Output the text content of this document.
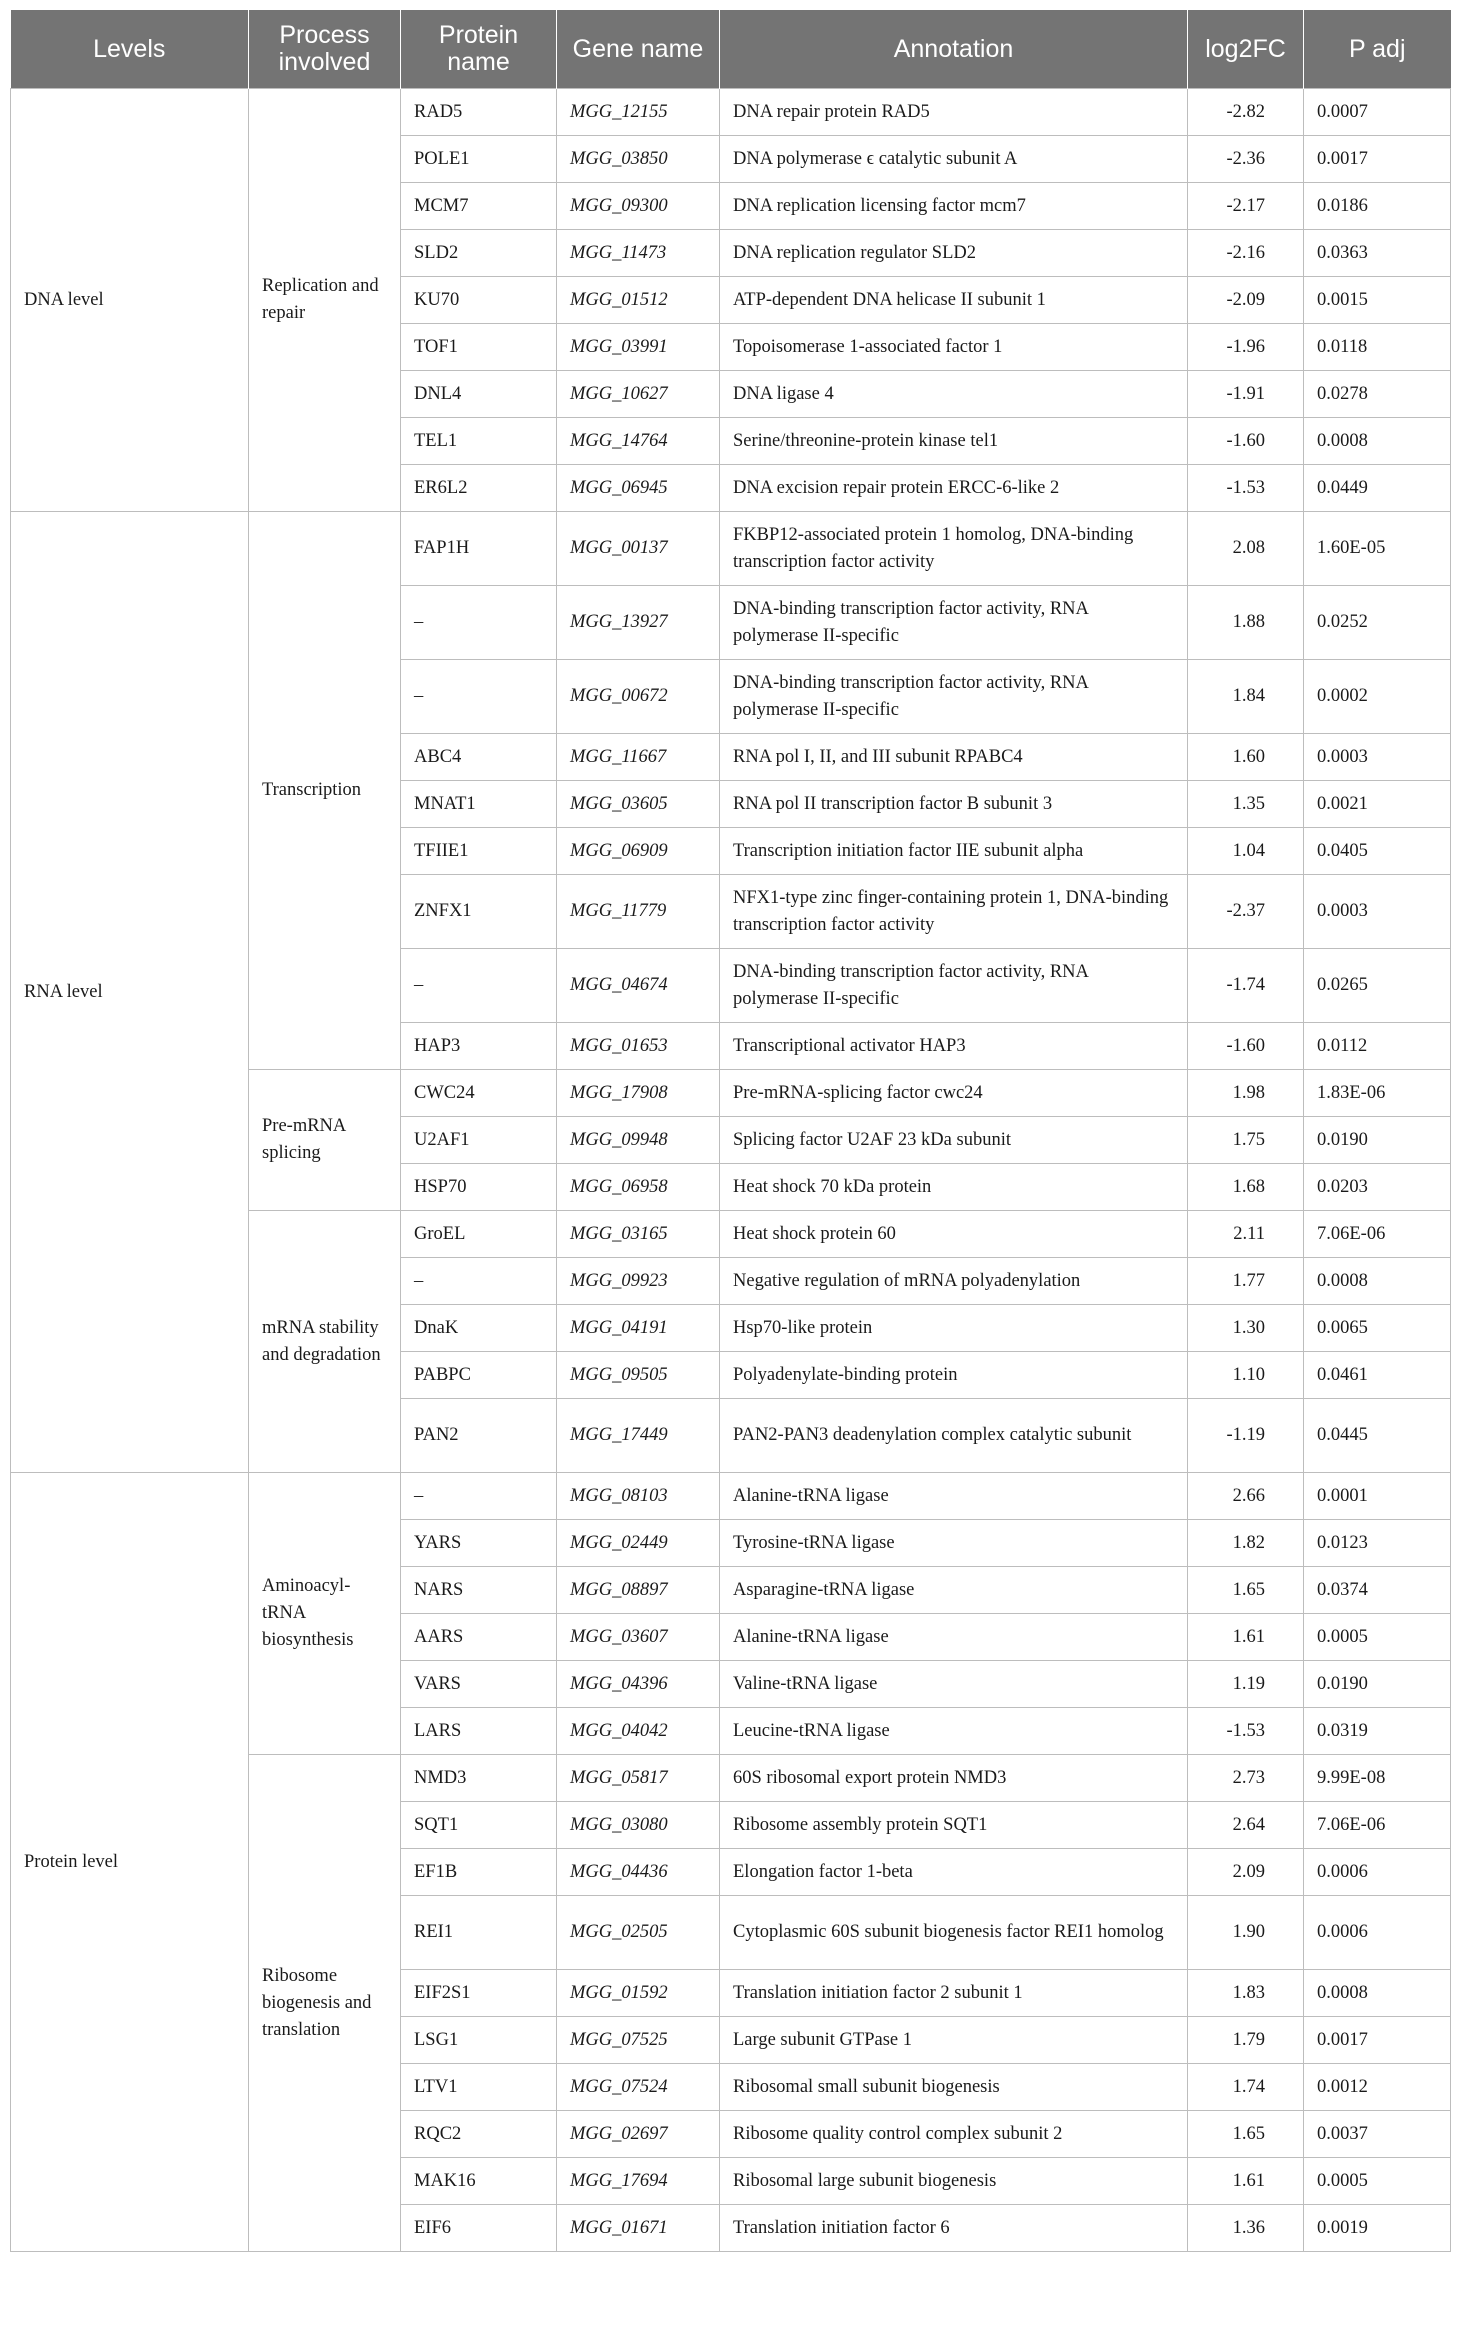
Levels	Process involved	Protein name	Gene name	Annotation	log2FC	P adj
DNA level	Replication and repair	RAD5	MGG_12155	DNA repair protein RAD5	-2.82	0.0007
		POLE1	MGG_03850	DNA polymerase ϵ catalytic subunit A	-2.36	0.0017
		MCM7	MGG_09300	DNA replication licensing factor mcm7	-2.17	0.0186
		SLD2	MGG_11473	DNA replication regulator SLD2	-2.16	0.0363
		KU70	MGG_01512	ATP-dependent DNA helicase II subunit 1	-2.09	0.0015
		TOF1	MGG_03991	Topoisomerase 1-associated factor 1	-1.96	0.0118
		DNL4	MGG_10627	DNA ligase 4	-1.91	0.0278
		TEL1	MGG_14764	Serine/threonine-protein kinase tel1	-1.60	0.0008
		ER6L2	MGG_06945	DNA excision repair protein ERCC-6-like 2	-1.53	0.0449
RNA level	Transcription	FAP1H	MGG_00137	FKBP12-associated protein 1 homolog, DNA-binding transcription factor activity	2.08	1.60E-05
		–	MGG_13927	DNA-binding transcription factor activity, RNA polymerase II-specific	1.88	0.0252
		–	MGG_00672	DNA-binding transcription factor activity, RNA polymerase II-specific	1.84	0.0002
		ABC4	MGG_11667	RNA pol I, II, and III subunit RPABC4	1.60	0.0003
		MNAT1	MGG_03605	RNA pol II transcription factor B subunit 3	1.35	0.0021
		TFIIE1	MGG_06909	Transcription initiation factor IIE subunit alpha	1.04	0.0405
		ZNFX1	MGG_11779	NFX1-type zinc finger-containing protein 1, DNA-binding transcription factor activity	-2.37	0.0003
		–	MGG_04674	DNA-binding transcription factor activity, RNA polymerase II-specific	-1.74	0.0265
		HAP3	MGG_01653	Transcriptional activator HAP3	-1.60	0.0112
	Pre-mRNA splicing	CWC24	MGG_17908	Pre-mRNA-splicing factor cwc24	1.98	1.83E-06
		U2AF1	MGG_09948	Splicing factor U2AF 23 kDa subunit	1.75	0.0190
		HSP70	MGG_06958	Heat shock 70 kDa protein	1.68	0.0203
	mRNA stability and degradation	GroEL	MGG_03165	Heat shock protein 60	2.11	7.06E-06
		–	MGG_09923	Negative regulation of mRNA polyadenylation	1.77	0.0008
		DnaK	MGG_04191	Hsp70-like protein	1.30	0.0065
		PABPC	MGG_09505	Polyadenylate-binding protein	1.10	0.0461
		PAN2	MGG_17449	PAN2-PAN3 deadenylation complex catalytic subunit	-1.19	0.0445
Protein level	Aminoacyl-tRNA biosynthesis	–	MGG_08103	Alanine-tRNA ligase	2.66	0.0001
		YARS	MGG_02449	Tyrosine-tRNA ligase	1.82	0.0123
		NARS	MGG_08897	Asparagine-tRNA ligase	1.65	0.0374
		AARS	MGG_03607	Alanine-tRNA ligase	1.61	0.0005
		VARS	MGG_04396	Valine-tRNA ligase	1.19	0.0190
		LARS	MGG_04042	Leucine-tRNA ligase	-1.53	0.0319
	Ribosome biogenesis and translation	NMD3	MGG_05817	60S ribosomal export protein NMD3	2.73	9.99E-08
		SQT1	MGG_03080	Ribosome assembly protein SQT1	2.64	7.06E-06
		EF1B	MGG_04436	Elongation factor 1-beta	2.09	0.0006
		REI1	MGG_02505	Cytoplasmic 60S subunit biogenesis factor REI1 homolog	1.90	0.0006
		EIF2S1	MGG_01592	Translation initiation factor 2 subunit 1	1.83	0.0008
		LSG1	MGG_07525	Large subunit GTPase 1	1.79	0.0017
		LTV1	MGG_07524	Ribosomal small subunit biogenesis	1.74	0.0012
		RQC2	MGG_02697	Ribosome quality control complex subunit 2	1.65	0.0037
		MAK16	MGG_17694	Ribosomal large subunit biogenesis	1.61	0.0005
		EIF6	MGG_01671	Translation initiation factor 6	1.36	0.0019
